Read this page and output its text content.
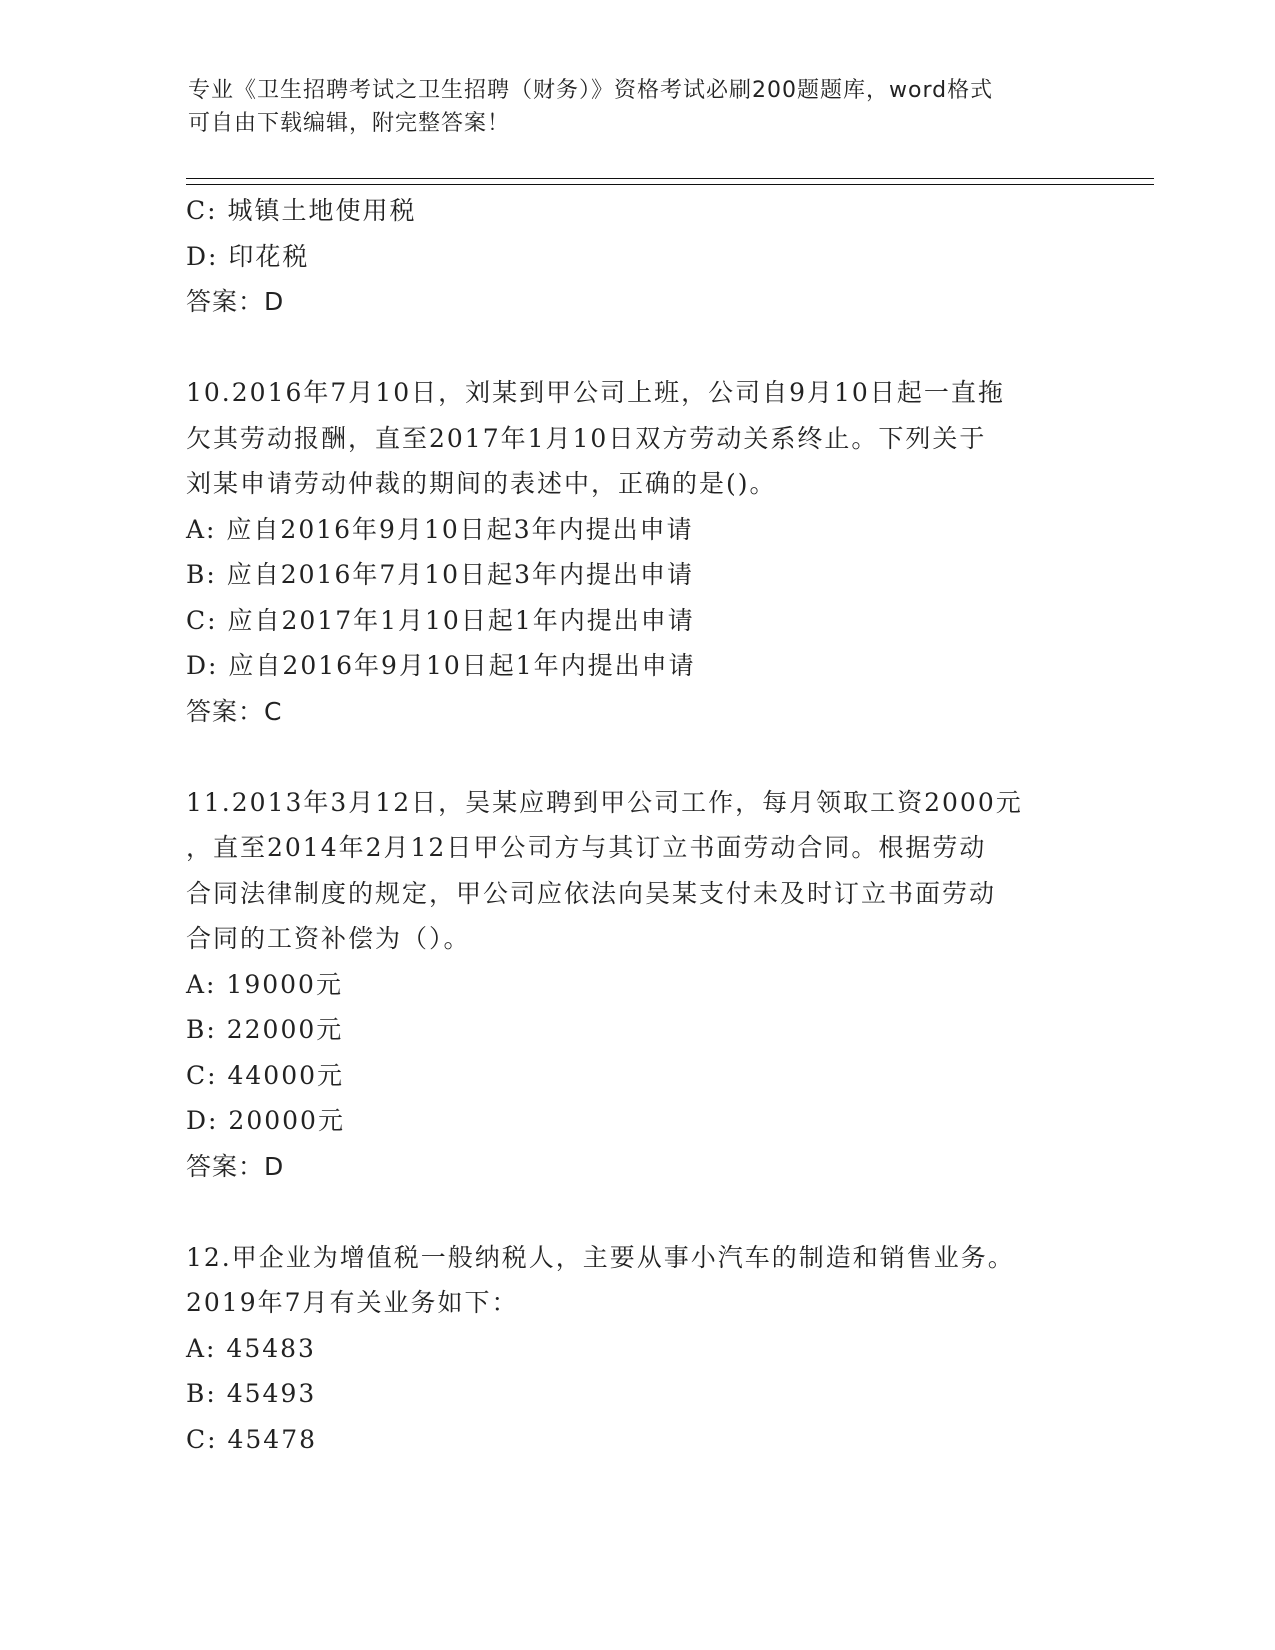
专业《卫生招聘考试之卫生招聘（财务）》资格考试必刷200题题库，word格式
可自由下载编辑，附完整答案！
C: 城镇土地使用税
D: 印花税
答案：D
10.2016年7月10日，刘某到甲公司上班，公司自9月10日起一直拖
欠其劳动报酬，直至2017年1月10日双方劳动关系终止。下列关于
刘某申请劳动仲裁的期间的表述中，正确的是()。
A: 应自2016年9月10日起3年内提出申请
B: 应自2016年7月10日起3年内提出申请
C: 应自2017年1月10日起1年内提出申请
D: 应自2016年9月10日起1年内提出申请
答案：C
11.2013年3月12日，吴某应聘到甲公司工作，每月领取工资2000元
，直至2014年2月12日甲公司方与其订立书面劳动合同。根据劳动
合同法律制度的规定，甲公司应依法向吴某支付未及时订立书面劳动
合同的工资补偿为（）。
A: 19000元
B: 22000元
C: 44000元
D: 20000元
答案：D
12.甲企业为增值税一般纳税人，主要从事小汽车的制造和销售业务。
2019年7月有关业务如下：
A: 45483
B: 45493
C: 45478
